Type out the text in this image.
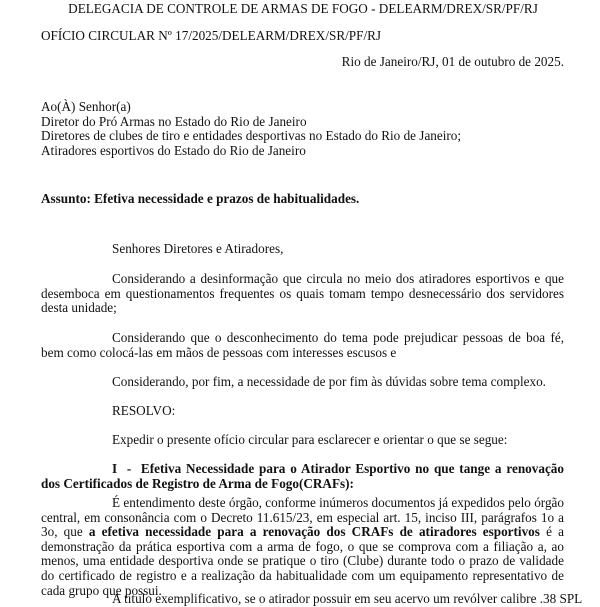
DELEGACIA DE CONTROLE DE ARMAS DE FOGO - DELEARM/DREX/SR/PF/RJ
OFÍCIO CIRCULAR Nº 17/2025/DELEARM/DREX/SR/PF/RJ
Rio de Janeiro/RJ, 01 de outubro de 2025.
Ao(À) Senhor(a)
Diretor do Pró Armas no Estado do Rio de Janeiro
Diretores de clubes de tiro e entidades desportivas no Estado do Rio de Janeiro;
Atiradores esportivos do Estado do Rio de Janeiro
Assunto: Efetiva necessidade e prazos de habitualidades.
Senhores Diretores e Atiradores,
Considerando a desinformação que circula no meio dos atiradores esportivos e que desemboca em questionamentos frequentes os quais tomam tempo desnecessário dos servidores desta unidade;
Considerando que o desconhecimento do tema pode prejudicar pessoas de boa fé, bem como colocá-las em mãos de pessoas com interesses escusos e
Considerando, por fim, a necessidade de por fim às dúvidas sobre tema complexo.
RESOLVO:
Expedir o presente ofício circular para esclarecer e orientar o que se segue:
I  -  Efetiva Necessidade para o Atirador Esportivo no que tange a renovação dos Certificados de Registro de Arma de Fogo(CRAFs):
É entendimento deste órgão, conforme inúmeros documentos já expedidos pelo órgão central, em consonância com o Decreto 11.615/23, em especial art. 15, inciso III, parágrafos 1o a 3o, que a efetiva necessidade para a renovação dos CRAFs de atiradores esportivos é a demonstração da prática esportiva com a arma de fogo, o que se comprova com a filiação a, ao menos, uma entidade desportiva onde se pratique o tiro (Clube) durante todo o prazo de validade do certificado de registro e a realização da habitualidade com um equipamento representativo de cada grupo que possui.
A título exemplificativo, se o atirador possuir em seu acervo um revólver calibre .38 SPL
